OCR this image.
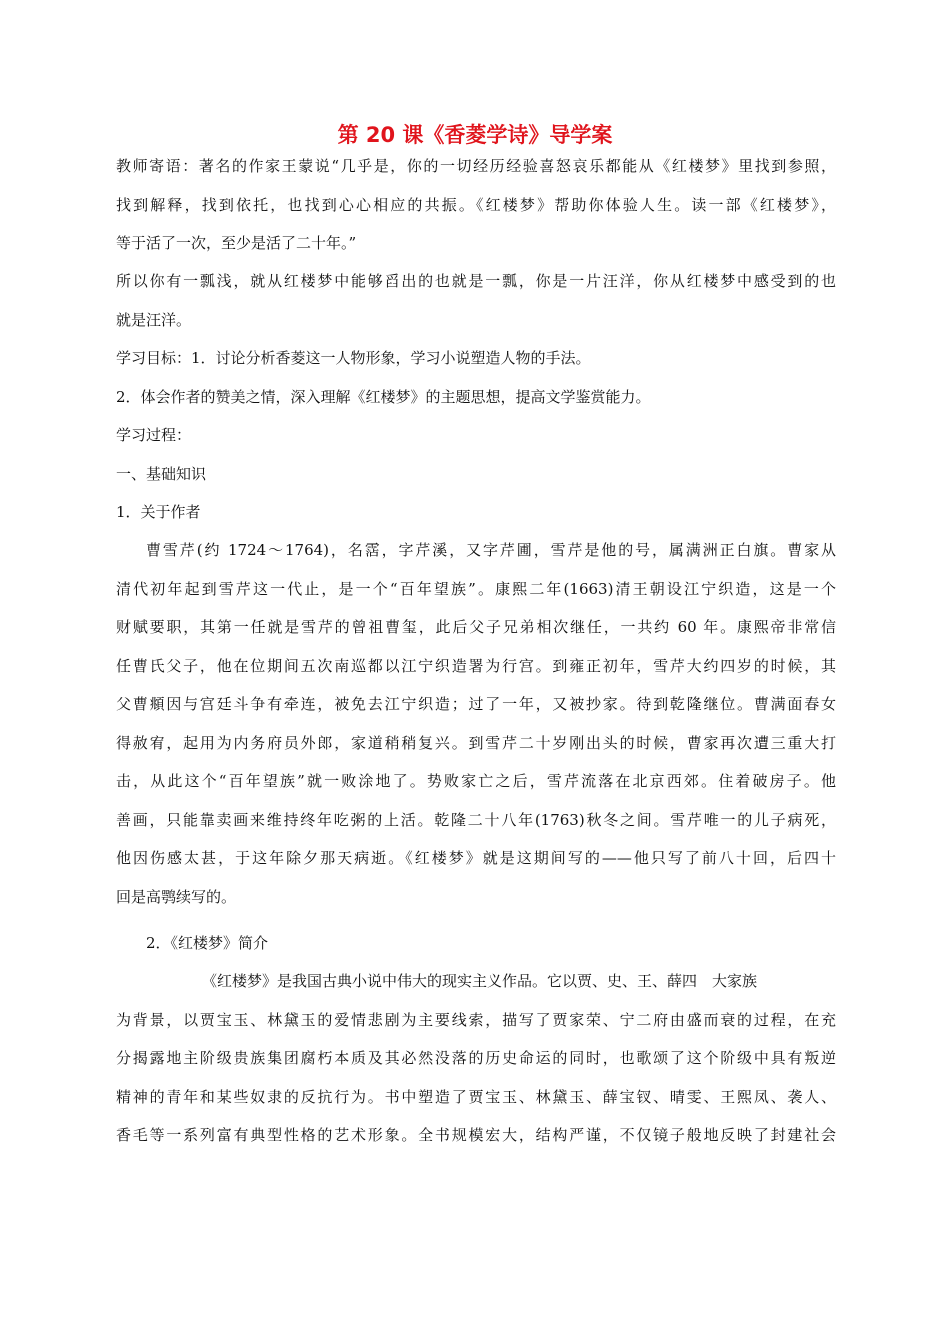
第 20 课《香菱学诗》导学案
教师寄语：著名的作家王蒙说“几乎是，你的一切经历经验喜怒哀乐都能从《红楼梦》里找到参照，
找到解释，找到依托，也找到心心相应的共振。《红楼梦》帮助你体验人生。读一部《红楼梦》，
等于活了一次，至少是活了二十年。”
所以你有一瓢浅，就从红楼梦中能够舀出的也就是一瓢，你是一片汪洋，你从红楼梦中感受到的也
就是汪洋。
学习目标：1．讨论分析香菱这一人物形象，学习小说塑造人物的手法。
2．体会作者的赞美之情，深入理解《红楼梦》的主题思想，提高文学鉴赏能力。
学习过程：
一、基础知识
1．关于作者
曹雪芹(约 1724～1764)，名霑，字芹溪，又字芹圃，雪芹是他的号，属满洲正白旗。曹家从
清代初年起到雪芹这一代止，是一个“百年望族”。康熙二年(1663)清王朝设江宁织造，这是一个
财赋要职，其第一任就是雪芹的曾祖曹玺，此后父子兄弟相次继任，一共约 60 年。康熙帝非常信
任曹氏父子，他在位期间五次南巡都以江宁织造署为行宫。到雍正初年，雪芹大约四岁的时候，其
父曹頫因与宫廷斗争有牵连，被免去江宁织造；过了一年，又被抄家。待到乾隆继位。曹满面春女
得赦宥，起用为内务府员外郎，家道稍稍复兴。到雪芹二十岁刚出头的时候，曹家再次遭三重大打
击，从此这个“百年望族”就一败涂地了。势败家亡之后，雪芹流落在北京西郊。住着破房子。他
善画，只能靠卖画来维持终年吃粥的上活。乾隆二十八年(1763)秋冬之间。雪芹唯一的儿子病死，
他因伤感太甚，于这年除夕那天病逝。《红楼梦》就是这期间写的——他只写了前八十回，后四十
回是高鹗续写的。
2．《红楼梦》简介
《红楼梦》是我国古典小说中伟大的现实主义作品。它以贾、史、王、薛四　大家族
为背景，以贾宝玉、林黛玉的爱情悲剧为主要线索，描写了贾家荣、宁二府由盛而衰的过程，在充
分揭露地主阶级贵族集团腐朽本质及其必然没落的历史命运的同时，也歌颂了这个阶级中具有叛逆
精神的青年和某些奴隶的反抗行为。书中塑造了贾宝玉、林黛玉、薛宝钗、晴雯、王熙凤、袭人、
香毛等一系列富有典型性格的艺术形象。全书规模宏大，结构严谨，不仅镜子般地反映了封建社会
